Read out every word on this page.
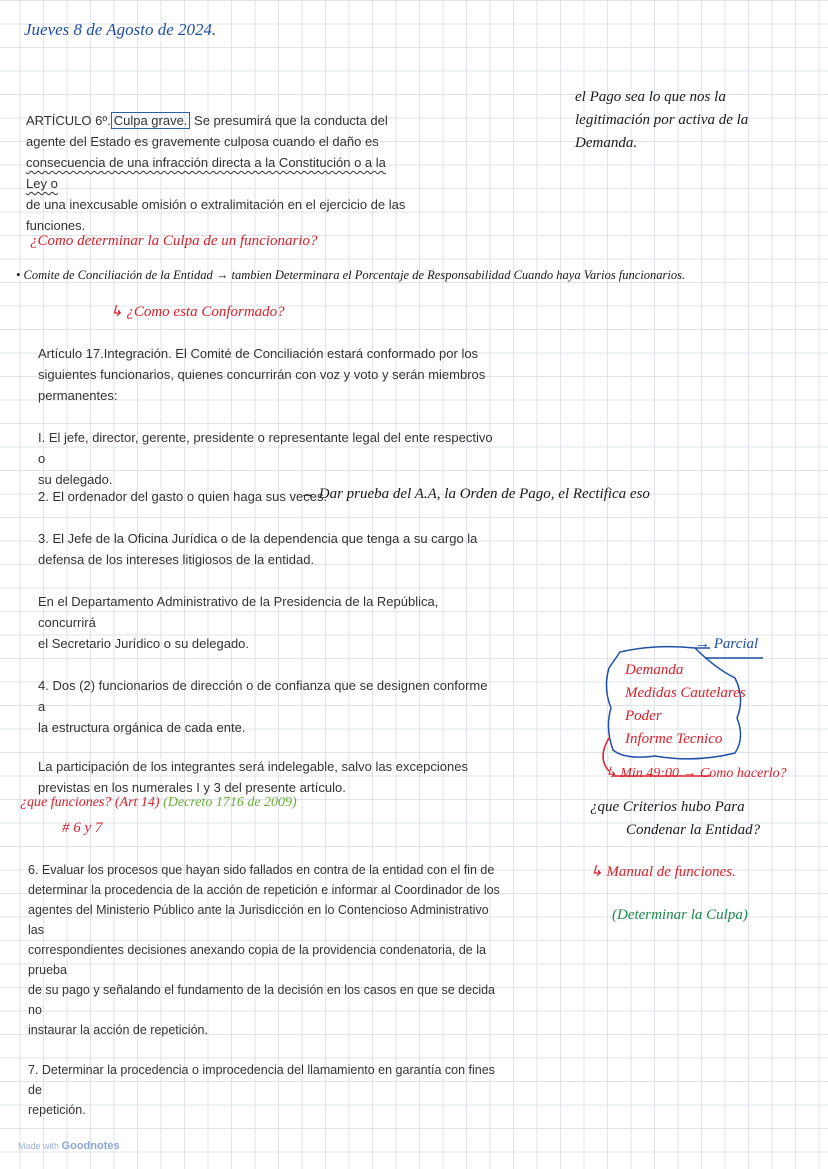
Jueves 8 de Agosto de 2024.

ARTÍCULO 6º. Culpa grave. Se presumirá que la conducta del

agente del Estado es gravemente culposa cuando el daño es

consecuencia de una infracción directa a la Constitución o a la Ley o

de una inexcusable omisión o extralimitación en el ejercicio de las

funciones.

el Pago sea lo que nos la
legitimación por activa de la
Demanda.
¿Como determinar la Culpa de un funcionario?
• Comite de Conciliación de la Entidad → tambien Determinara el Porcentaje de Responsabilidad Cuando haya Varios funcionarios.
↳ ¿Como esta Conformado?

Artículo 17.Integración. El Comité de Conciliación estará conformado por los

siguientes funcionarios, quienes concurrirán con voz y voto y serán miembros

permanentes:

I. El jefe, director, gerente, presidente o representante legal del ente respectivo o

su delegado.

2. El ordenador del gasto o quien haga sus veces.
→ Dar prueba del A.A, la Orden de Pago, el Rectifica eso

3. El Jefe de la Oficina Jurídica o de la dependencia que tenga a su cargo la

defensa de los intereses litigiosos de la entidad.

En el Departamento Administrativo de la Presidencia de la República, concurrirá

el Secretario Jurídico o su delegado.

4. Dos (2) funcionarios de dirección o de confianza que se designen conforme a

la estructura orgánica de cada ente.

La participación de los integrantes será indelegable, salvo las excepciones

previstas en los numerales I y 3 del presente artículo.

→ Parcial
Demanda
Medidas Cautelares
Poder
Informe Tecnico
↳ Min 49:00 → Como hacerlo?
¿que Criterios hubo Para
Condenar la Entidad?
↳ Manual de funciones.
(Determinar la Culpa)
¿que funciones? (Art 14) (Decreto 1716 de 2009)
# 6 y 7

6. Evaluar los procesos que hayan sido fallados en contra de la entidad con el fin de

determinar la procedencia de la acción de repetición e informar al Coordinador de los

agentes del Ministerio Público ante la Jurisdicción en lo Contencioso Administrativo las

correspondientes decisiones anexando copia de la providencia condenatoria, de la prueba

de su pago y señalando el fundamento de la decisión en los casos en que se decida no

instaurar la acción de repetición.

7. Determinar la procedencia o improcedencia del llamamiento en garantía con fines de

repetición.

Made with Goodnotes
